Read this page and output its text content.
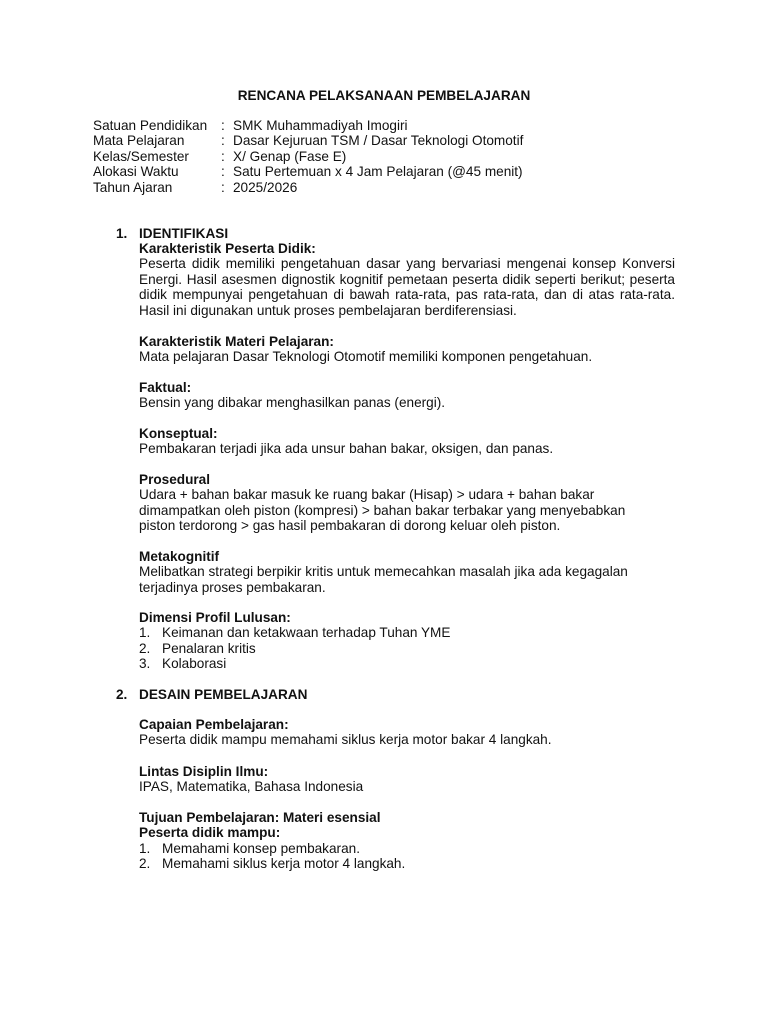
RENCANA PELAKSANAAN PEMBELAJARAN
Satuan Pendidikan	: SMK Muhammadiyah Imogiri
Mata Pelajaran	: Dasar Kejuruan TSM / Dasar Teknologi Otomotif
Kelas/Semester	: X/ Genap (Fase E)
Alokasi Waktu	: Satu Pertemuan x 4 Jam Pelajaran (@45 menit)
Tahun Ajaran	: 2025/2026
1. IDENTIFIKASI
Karakteristik Peserta Didik:
Peserta didik memiliki pengetahuan dasar yang bervariasi mengenai konsep Konversi Energi. Hasil asesmen dignostik kognitif pemetaan peserta didik seperti berikut; peserta didik mempunyai pengetahuan di bawah rata-rata, pas rata-rata, dan di atas rata-rata. Hasil ini digunakan untuk proses pembelajaran berdiferensiasi.
Karakteristik Materi Pelajaran:
Mata pelajaran Dasar Teknologi Otomotif memiliki komponen pengetahuan.
Faktual:
Bensin yang dibakar menghasilkan panas (energi).
Konseptual:
Pembakaran terjadi jika ada unsur bahan bakar, oksigen, dan panas.
Prosedural
Udara + bahan bakar masuk ke ruang bakar (Hisap) > udara + bahan bakar
dimampatkan oleh piston (kompresi) > bahan bakar terbakar yang menyebabkan
piston terdorong > gas hasil pembakaran di dorong keluar oleh piston.
Metakognitif
Melibatkan strategi berpikir kritis untuk memecahkan masalah jika ada kegagalan
terjadinya proses pembakaran.
Dimensi Profil Lulusan:
1. Keimanan dan ketakwaan terhadap Tuhan YME
2. Penalaran kritis
3. Kolaborasi
2. DESAIN PEMBELAJARAN
Capaian Pembelajaran:
Peserta didik mampu memahami siklus kerja motor bakar 4 langkah.
Lintas Disiplin Ilmu:
IPAS, Matematika, Bahasa Indonesia
Tujuan Pembelajaran: Materi esensial
Peserta didik mampu:
1. Memahami konsep pembakaran.
2. Memahami siklus kerja motor 4 langkah.
